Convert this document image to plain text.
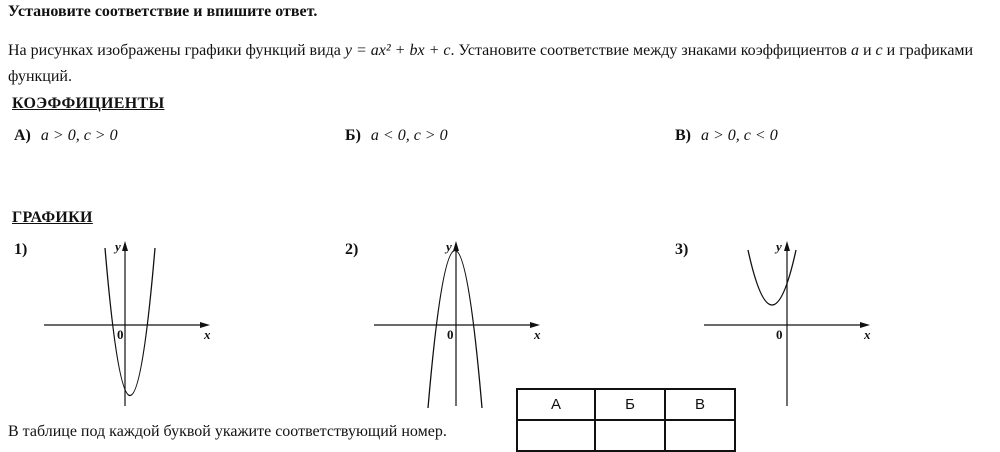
Установите соответствие и впишите ответ.
На рисунках изображены графики функций вида y = ax² + bx + c. Установите соответствие между знаками коэффициентов a и c и графиками функций.
КОЭФФИЦИЕНТЫ
А) a > 0, c > 0	Б) a < 0, c > 0	В) a > 0, c < 0
ГРАФИКИ
1)	y
x
0
2)	y
x
0
3)	y
x
0
В таблице под каждой буквой укажите соответствующий номер.
А	Б	В
